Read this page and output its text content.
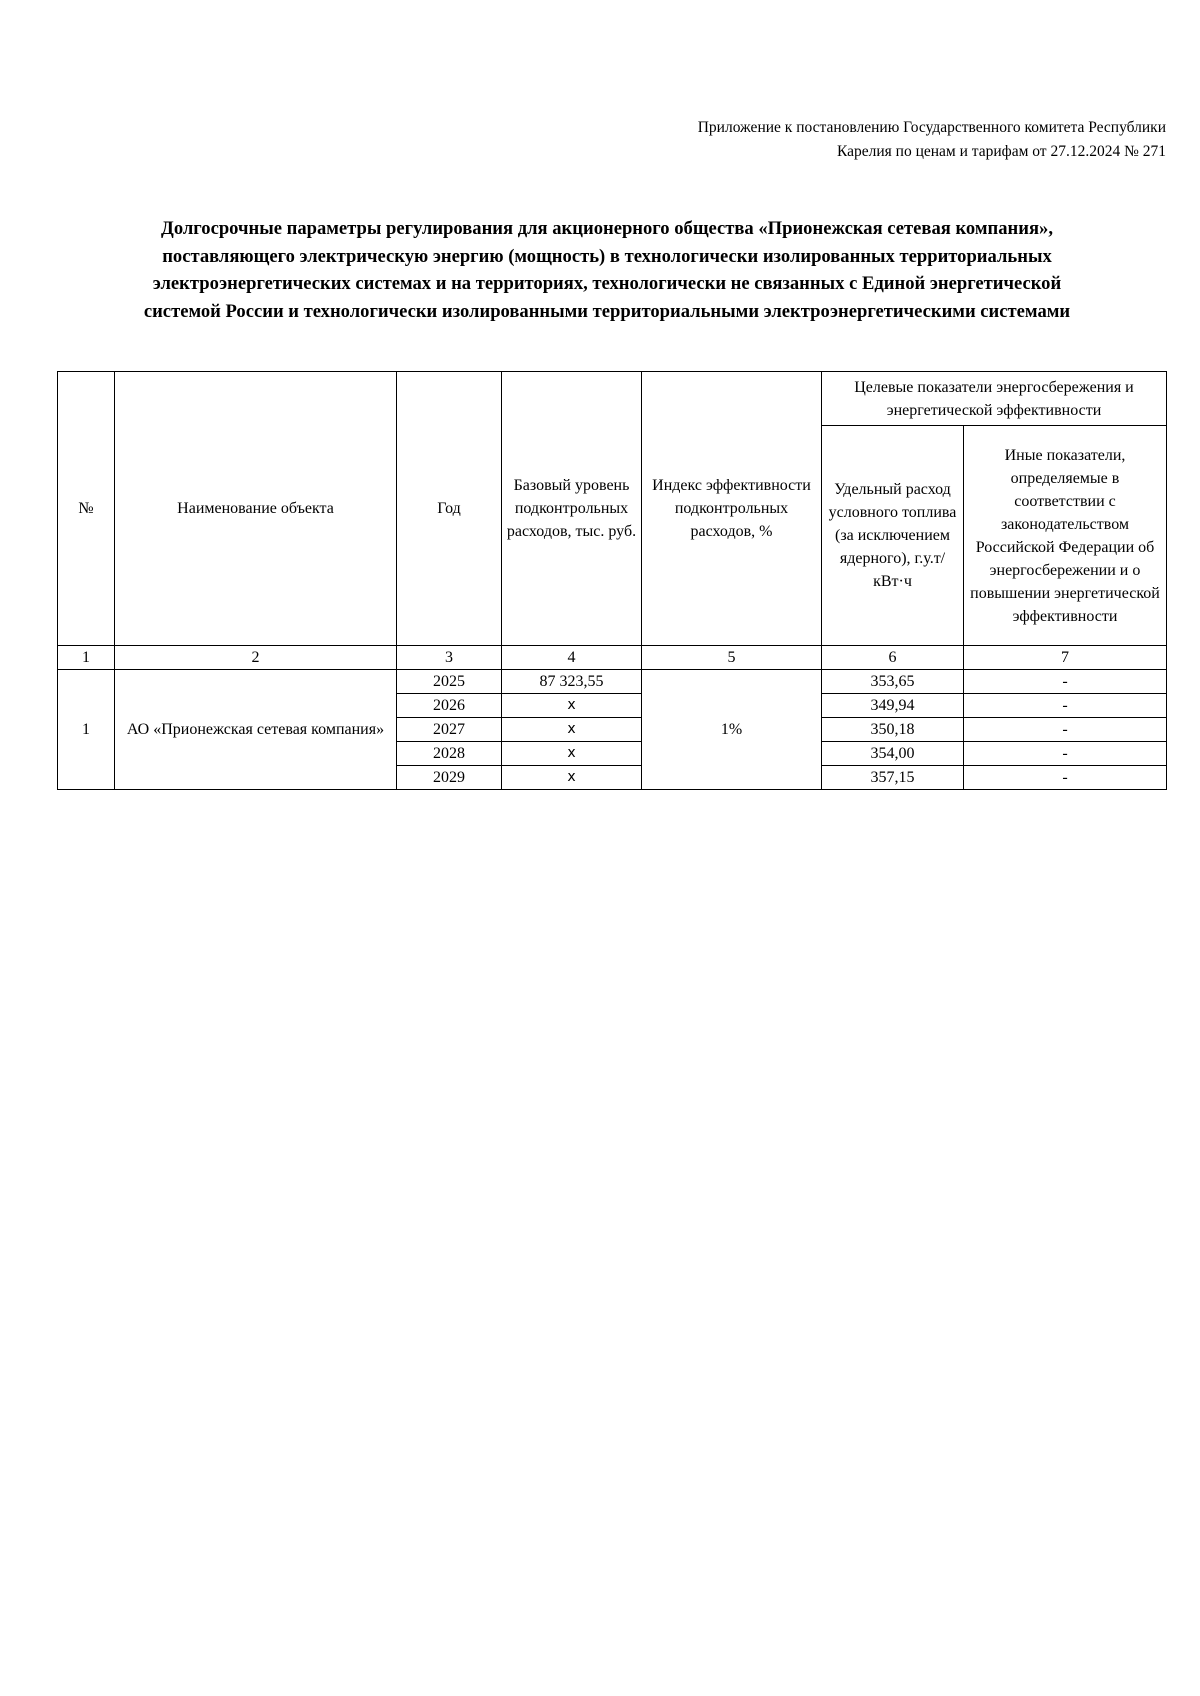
Приложение к постановлению Государственного комитета Республики
Карелия по ценам и тарифам от 27.12.2024 № 271
Долгосрочные параметры регулирования для акционерного общества «Прионежская сетевая компания»,
поставляющего электрическую энергию (мощность) в технологически изолированных территориальных
электроэнергетических системах и на территориях, технологически не связанных с Единой энергетической
системой России и технологически изолированными территориальными электроэнергетическими системами
№	Наименование объекта	Год	Базовый уровень подконтрольных расходов, тыс. руб.	Индекс эффективности подконтрольных расходов, %	Целевые показатели энергосбережения и энергетической эффективности	
					Удельный расход условного топлива (за исключением ядерного), г.у.т/кВт·ч	Иные показатели, определяемые в соответствии с законодательством Российской Федерации об энергосбережении и о повышении энергетической эффективности
1	2	3	4	5	6	7
1	АО «Прионежская сетевая компания»	2025	87 323,55	1%	353,65	-
		2026	x		349,94	-
		2027	x		350,18	-
		2028	x		354,00	-
		2029	x		357,15	-
